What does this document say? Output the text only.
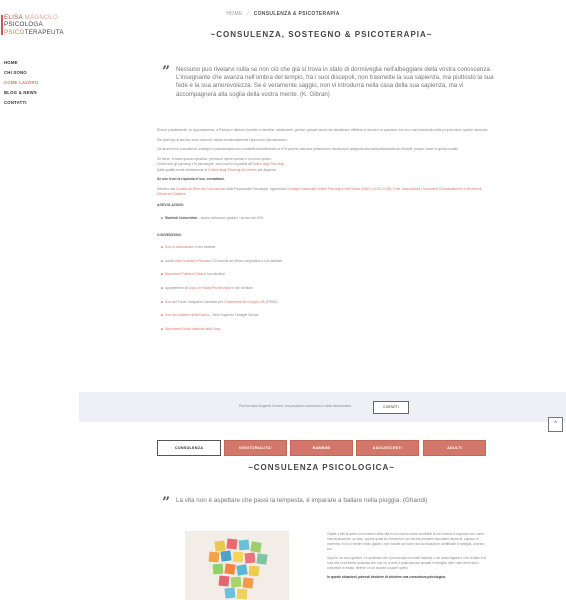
ELISA MAGNOLO
PSICOLOGA
PSICOTERAPEUTA
HOME
CHI SONO
COME LAVORO
BLOG & NEWS
CONTATTI
HOME / CONSULENZA & PSICOTERAPIA
~CONSULENZA, SOSTEGNO & PSICOTERAPIA~
” Nessuno può rivelarvi nulla se non ciò che già si trova in stato di dormiveglia nell'albeggiare della vostra conoscenza. L'insegnante che avanza nell'ombra del tempio, fra i suoi discepoli, non trasmette la sua sapienza, ma piuttosto la sua fede e la sua amorevolezza. Se è veramente saggio, non vi introdurrà nella casa della sua sapienza, ma vi accompagnerà alla soglia della vostra mente. (K. Gibran)

Ricevo privatamente, su appuntamento, a Padova e dintorni, bambini e bambine, adolescenti, genitori, giovani adulti che desiderano riflettere e ritrovare su questioni che non ruoli scivolando nella propria vita in questo momento.

Per quel tipo di servizio sono descritti, utilizzo tendenzialmente l'approccio psicodinamico.

Gli strumenti di consulenza, sostegno e psicoterapia sono modellati flessibilmente al 10% perché ciascuna prescrizione risulterà più adeguata alla dalla particolarità dei Modelli, proprio come in questi modelli.

Se serve, in base quanto specifico, prendono ripresi spesso e di nuovo spazio.
Online tutti gli psicologi e le psicologhe, sono iscrivi a ripartirsi all'Ordine degli Psicologi
Dalle qualità rende direttamente al Codice degli Psicologi del Veneto per Apgenta.

Se non trovi la risposta di tuo, contattami.

Membro alla Società dei Brevi ed Concussione Italia Psicoanalisi Psicologici, rippresivari Consiglio Nazionale Ordine Psicologi e dell'Ordine (EMDI, UCSS-COM), Conf. Associazioni | Movimenti Concassamento e Movimenti Difusa del Didattica

AGEVOLAZIONI:

■ Studenti Universitari – anche sottoscoro gratuito / sconto del 20%.

CONVENZIONI:

■ Soci di Associazioni e loro familiari

■ Iscritti della Guardia di Finanza CSI nonché ad Ufficio congiuntivo e loro familiari

■ Dipendenti Polizia di Stato e loro familiari

■ Appartenenti al Corpo di Polizia Penitenziaria e loro familiari

■ Soci del Fondo Integrativo Sanitario per i Dipendenti del Gruppo UBI (FISDE)

■ Soci del collettivo della Donna – Rete Supporto Famiglie Nichan

■ Dipendenti Studio Medicali della Zona

Puoi sempre dirigermi il cenno, ma possiamo conoscersi e della decorazione.	CONTATTI
^
CONSULENZA	GENITORIALITA'	BAMBINI	ADOLESCENTI	ADULTI
~CONSULENZA PSICOLOGICA~
” La vita non è aspettare che passi la tempesta, è imparare a ballare nella pioggia. (Ghandi)

Capita a tutti di avere un momento della vita in cui ci sono uscire inevitabili di non riuscire a superare soli, come una separazione, un lutto, oppure quasi un momento in cui dovete prendere importanti decisioni, capaca un momento in cui si sentire molto agitati o non riuscite ad uscire da una situazione conflittuale in famiglia, a lavoro, ecc.

Oppure, se sono genitori, c'è qualcosa che ci preoccupa nei nostri bambini o nei nostri ragazzi e che, di fatto è la cura che ci da intuire qualcosa che non va, a volte è qualcosa che accade in famiglia, altre volte viene dai lo comprese in media, diverse o non riuscire a capire quello.

In queste situazioni, potresti decidere di chiedere una consulenza psicologica.
